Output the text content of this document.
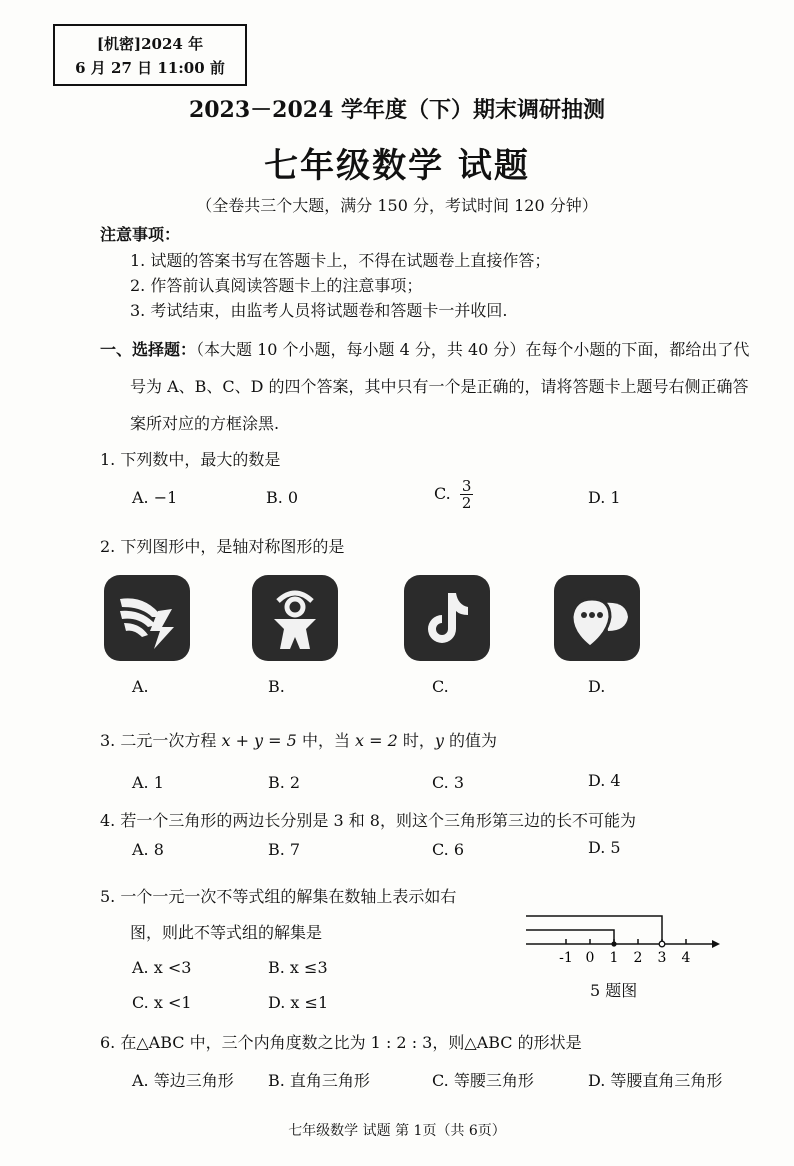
[机密]2024 年
6 月 27 日 11:00 前
2023－2024 学年度（下）期末调研抽测
七年级数学 试题
（全卷共三个大题，满分 150 分，考试时间 120 分钟）
注意事项：
1. 试题的答案书写在答题卡上，不得在试题卷上直接作答；
2. 作答前认真阅读答题卡上的注意事项；
3. 考试结束，由监考人员将试题卷和答题卡一并收回.
一、选择题：（本大题 10 个小题，每小题 4 分，共 40 分）在每个小题的下面，都给出了代
号为 A、B、C、D 的四个答案，其中只有一个是正确的，请将答题卡上题号右侧正确答
案所对应的方框涂黑.
1. 下列数中，最大的数是
A. −1	B. 0	C. $\frac{3}{2}$	D. 1
2. 下列图形中，是轴对称图形的是
A.	B.	C.	D.
3. 二元一次方程 x + y = 5 中，当 x = 2 时，y 的值为
A. 1	B. 2	C. 3	D. 4
4. 若一个三角形的两边长分别是 3 和 8，则这个三角形第三边的长不可能为
A. 8	B. 7	C. 6	D. 5
5. 一个一元一次不等式组的解集在数轴上表示如右
图，则此不等式组的解集是
A. x <3	B. x ≤3
C. x <1	D. x ≤1
-1 0 1 2 3 4
5 题图
6. 在△ABC 中，三个内角度数之比为 1 : 2 : 3，则△ABC 的形状是
A. 等边三角形 B. 直角三角形	C. 等腰三角形	D. 等腰直角三角形
七年级数学 试题 第 1页（共 6页）
